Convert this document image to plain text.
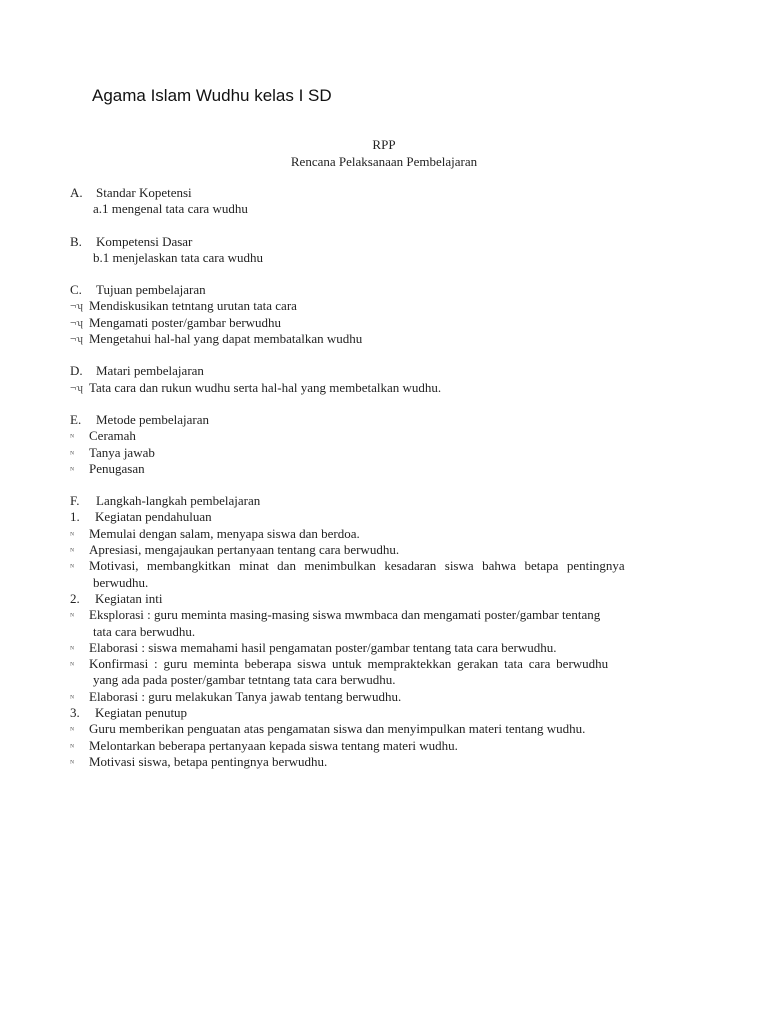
Agama Islam Wudhu kelas I SD
RPP
Rencana Pelaksanaan Pembelajaran
A. Standar Kopetensi
a.1 mengenal tata cara wudhu
B. Kompetensi Dasar
b.1 menjelaskan tata cara wudhu
C. Tujuan pembelajaran
¬ʮ Mendiskusikan tetntang urutan tata cara
¬ʮ Mengamati poster/gambar berwudhu
¬ʮ Mengetahui hal-hal yang dapat membatalkan wudhu
D. Matari pembelajaran
¬ʮ Tata cara dan rukun wudhu serta hal-hal yang membetalkan wudhu.
E. Metode pembelajaran
ᴺ Ceramah
ᴺ Tanya jawab
ᴺ Penugasan
F. Langkah-langkah pembelajaran
1. Kegiatan pendahuluan
ᴺ Memulai dengan salam, menyapa siswa dan berdoa.
ᴺ Apresiasi, mengajaukan pertanyaan tentang cara berwudhu.
ᴺ Motivasi, membangkitkan minat dan menimbulkan kesadaran siswa bahwa betapa pentingnya
berwudhu.
2. Kegiatan inti
ᴺ Eksplorasi : guru meminta masing-masing siswa mwmbaca dan mengamati poster/gambar tentang
tata cara berwudhu.
ᴺ Elaborasi : siswa memahami hasil pengamatan poster/gambar tentang tata cara berwudhu.
ᴺ Konfirmasi : guru meminta beberapa siswa untuk mempraktekkan gerakan tata cara berwudhu
yang ada pada poster/gambar tetntang tata cara berwudhu.
ᴺ Elaborasi : guru melakukan Tanya jawab tentang berwudhu.
3. Kegiatan penutup
ᴺ Guru memberikan penguatan atas pengamatan siswa dan menyimpulkan materi tentang wudhu.
ᴺ Melontarkan beberapa pertanyaan kepada siswa tentang materi wudhu.
ᴺ Motivasi siswa, betapa pentingnya berwudhu.
